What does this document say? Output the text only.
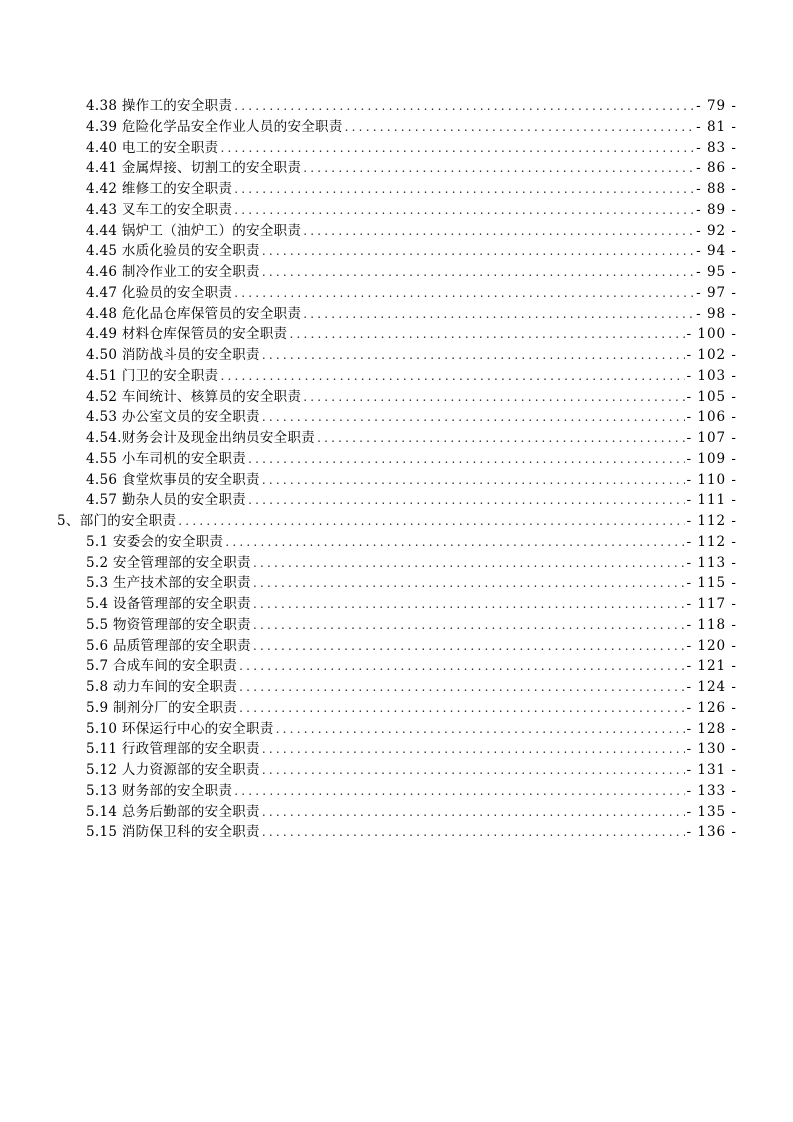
4.38 操作工的安全职责 .....	- 79 -
4.39 危险化学品安全作业人员的安全职责 .....	- 81 -
4.40 电工的安全职责 .....	- 83 -
4.41 金属焊接、切割工的安全职责 .....	- 86 -
4.42 维修工的安全职责 .....	- 88 -
4.43 叉车工的安全职责 .....	- 89 -
4.44 锅炉工（油炉工）的安全职责 .....	- 92 -
4.45 水质化验员的安全职责 .....	- 94 -
4.46 制冷作业工的安全职责 .....	- 95 -
4.47 化验员的安全职责 .....	- 97 -
4.48 危化品仓库保管员的安全职责 .....	- 98 -
4.49 材料仓库保管员的安全职责 .....	- 100 -
4.50 消防战斗员的安全职责 .....	- 102 -
4.51 门卫的安全职责 .....	- 103 -
4.52 车间统计、核算员的安全职责 .....	- 105 -
4.53 办公室文员的安全职责 .....	- 106 -
4.54.财务会计及现金出纳员安全职责 .....	- 107 -
4.55 小车司机的安全职责 .....	- 109 -
4.56 食堂炊事员的安全职责 .....	- 110 -
4.57 勤杂人员的安全职责 .....	- 111 -
5、部门的安全职责 .....	- 112 -
5.1 安委会的安全职责 .....	- 112 -
5.2 安全管理部的安全职责 .....	- 113 -
5.3 生产技术部的安全职责 .....	- 115 -
5.4 设备管理部的安全职责 .....	- 117 -
5.5 物资管理部的安全职责 .....	- 118 -
5.6 品质管理部的安全职责 .....	- 120 -
5.7 合成车间的安全职责 .....	- 121 -
5.8 动力车间的安全职责 .....	- 124 -
5.9 制剂分厂的安全职责 .....	- 126 -
5.10 环保运行中心的安全职责 .....	- 128 -
5.11 行政管理部的安全职责 .....	- 130 -
5.12 人力资源部的安全职责 .....	- 131 -
5.13 财务部的安全职责 .....	- 133 -
5.14 总务后勤部的安全职责 .....	- 135 -
5.15 消防保卫科的安全职责 .....	- 136 -
